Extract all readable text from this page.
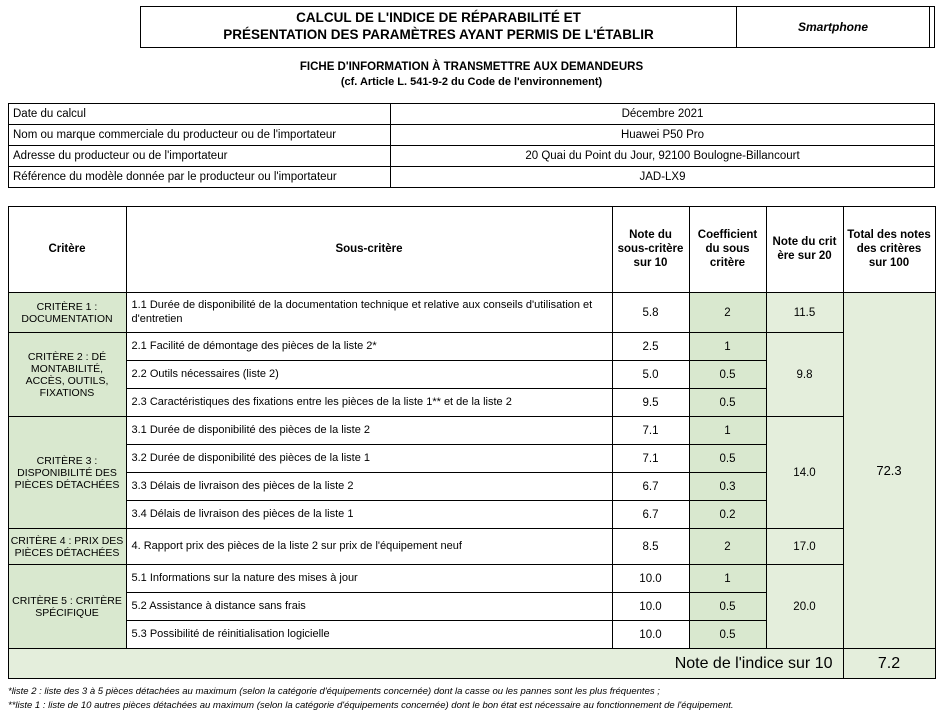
CALCUL DE L'INDICE DE RÉPARABILITÉ ET
PRÉSENTATION DES PARAMÈTRES AYANT PERMIS DE L'ÉTABLIR	Smartphone
FICHE D'INFORMATION À TRANSMETTRE AUX DEMANDEURS
(cf. Article L. 541-9-2 du Code de l'environnement)
Date du calcul	Décembre 2021
Nom ou marque commerciale du producteur ou de l'importateur	Huawei P50 Pro
Adresse du producteur ou de l'importateur	20 Quai du Point du Jour, 92100 Boulogne-Billancourt
Référence du modèle donnée par le producteur ou l'importateur	JAD-LX9
Critère	Sous-critère	Note du sous-critère sur 10	Coefficient du sous critère	Note du crit ère sur 20	Total des notes des critères sur 100
CRITÈRE 1 : DOCUMENTATION	1.1 Durée de disponibilité de la documentation technique et relative aux conseils d'utilisation et d'entretien	5.8	2	11.5	72.3
CRITÈRE 2 : DÉ MONTABILITÉ, ACCÈS, OUTILS, FIXATIONS	2.1 Facilité de démontage des pièces de la liste 2*	2.5	1	9.8	
	2.2 Outils nécessaires (liste 2)	5.0	0.5		
	2.3 Caractéristiques des fixations entre les pièces de la liste 1** et de la liste 2	9.5	0.5		
CRITÈRE 3 : DISPONIBILITÉ DES PIÈCES DÉTACHÉES	3.1 Durée de disponibilité des pièces de la liste 2	7.1	1	14.0	
	3.2 Durée de disponibilité des pièces de la liste 1	7.1	0.5		
	3.3 Délais de livraison des pièces de la liste 2	6.7	0.3		
	3.4 Délais de livraison des pièces de la liste 1	6.7	0.2		
CRITÈRE 4 : PRIX DES PIÈCES DÉTACHÉES	4. Rapport prix des pièces de la liste 2 sur prix de l'équipement neuf	8.5	2	17.0	
CRITÈRE 5 : CRITÈRE SPÉCIFIQUE	5.1 Informations sur la nature des mises à jour	10.0	1	20.0	
	5.2 Assistance à distance sans frais	10.0	0.5		
	5.3 Possibilité de réinitialisation logicielle	10.0	0.5		
Note de l'indice sur 10					7.2
*liste 2 : liste des 3 à 5 pièces détachées au maximum (selon la catégorie d'équipements concernée) dont la casse ou les pannes sont les plus fréquentes ;
**liste 1 : liste de 10 autres pièces détachées au maximum (selon la catégorie d'équipements concernée) dont le bon état est nécessaire au fonctionnement de l'équipement.
